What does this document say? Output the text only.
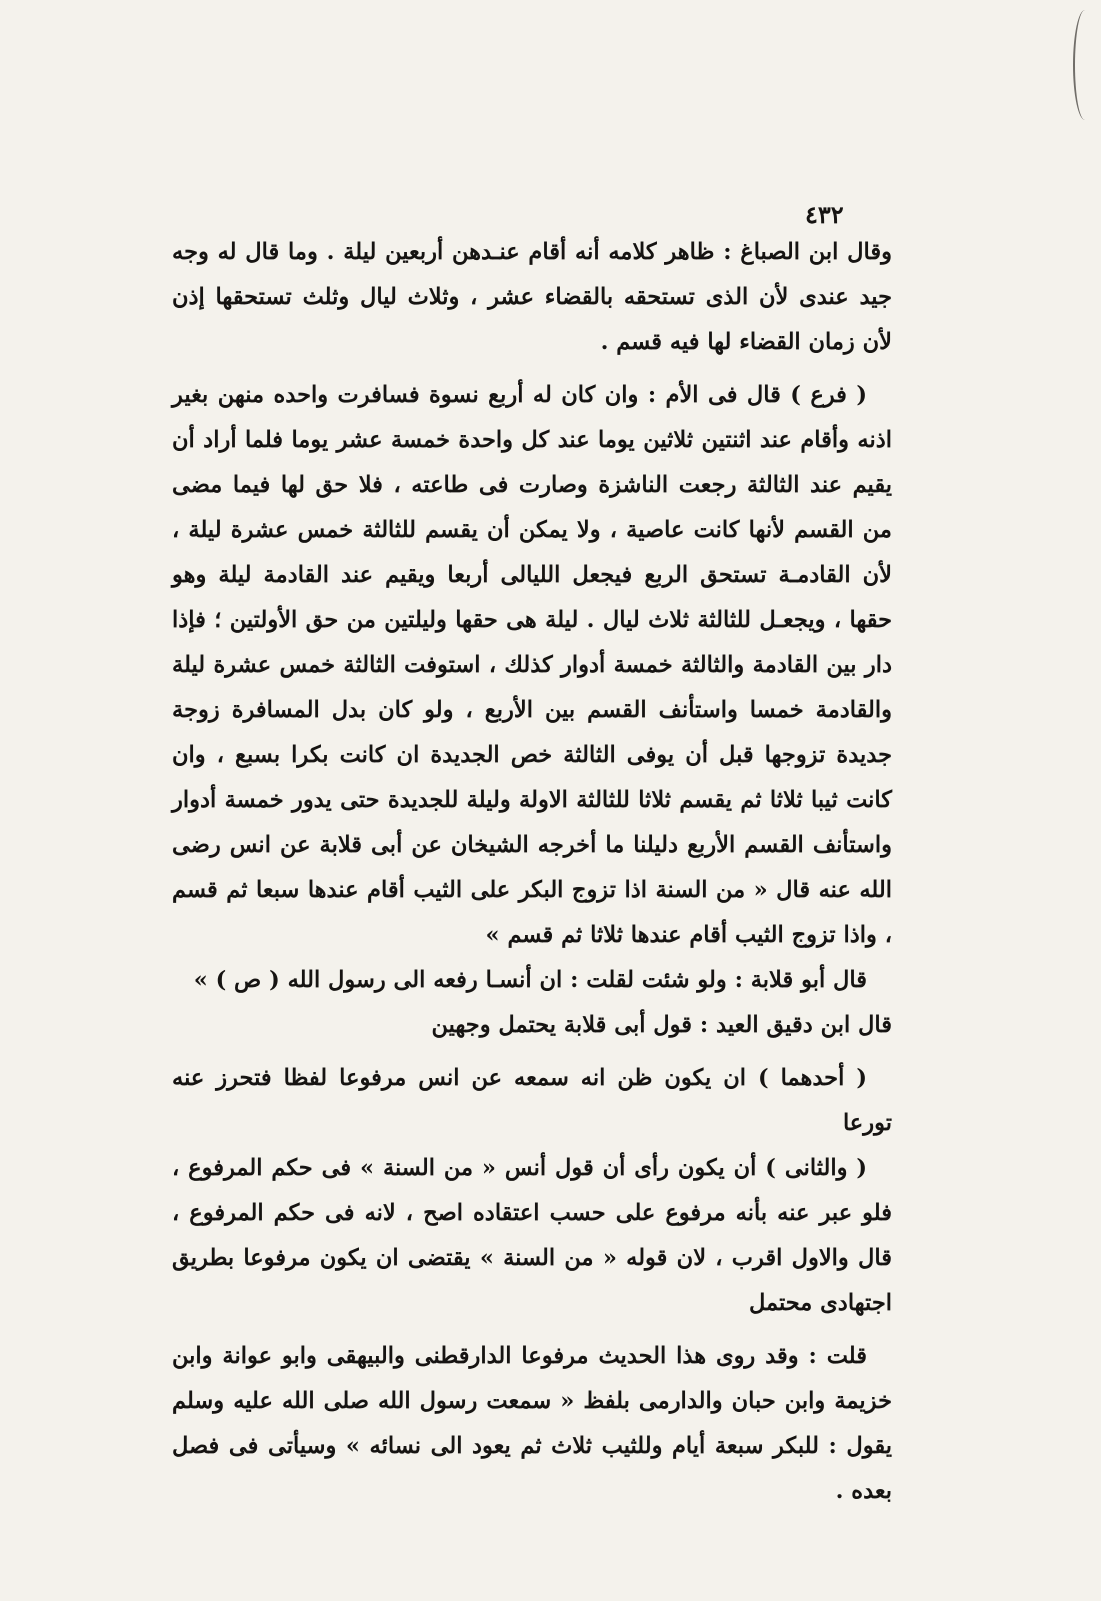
٤٣٢

وقال ابن الصباغ : ظاهر كلامه أنه أقام عنـدهن أربعين ليلة . وما قال له وجه جيد عندى لأن الذى تستحقه بالقضاء عشر ، وثلاث ليال وثلث تستحقها إذن لأن زمان القضاء لها فيه قسم .

( فرع ) قال فى الأم : وان كان له أربع نسوة فسافرت واحده منهن بغير اذنه وأقام عند اثنتين ثلاثين يوما عند كل واحدة خمسة عشر يوما فلما أراد أن يقيم عند الثالثة رجعت الناشزة وصارت فى طاعته ، فلا حق لها فيما مضى من القسم لأنها كانت عاصية ، ولا يمكن أن يقسم للثالثة خمس عشرة ليلة ، لأن القادمـة تستحق الربع فيجعل الليالى أربعا ويقيم عند القادمة ليلة وهو حقها ، ويجعـل للثالثة ثلاث ليال . ليلة هى حقها وليلتين من حق الأولتين ؛ فإذا دار بين القادمة والثالثة خمسة أدوار كذلك ، استوفت الثالثة خمس عشرة ليلة والقادمة خمسا واستأنف القسم بين الأربع ، ولو كان بدل المسافرة زوجة جديدة تزوجها قبل أن يوفى الثالثة خص الجديدة ان كانت بكرا بسبع ، وان كانت ثيبا ثلاثا ثم يقسم ثلاثا للثالثة الاولة وليلة للجديدة حتى يدور خمسة أدوار واستأنف القسم الأربع دليلنا ما أخرجه الشيخان عن أبى قلابة عن انس رضى الله عنه قال « من السنة اذا تزوج البكر على الثيب أقام عندها سبعا ثم قسم ، واذا تزوج الثيب أقام عندها ثلاثا ثم قسم »

قال أبو قلابة : ولو شئت لقلت : ان أنسـا رفعه الى رسول الله ( ص ) »

قال ابن دقيق العيد : قول أبى قلابة يحتمل وجهين

( أحدهما ) ان يكون ظن انه سمعه عن انس مرفوعا لفظا فتحرز عنه تورعا

( والثانى ) أن يكون رأى أن قول أنس « من السنة » فى حكم المرفوع ، فلو عبر عنه بأنه مرفوع على حسب اعتقاده اصح ، لانه فى حكم المرفوع ، قال والاول اقرب ، لان قوله « من السنة » يقتضى ان يكون مرفوعا بطريق اجتهادى محتمل

قلت : وقد روى هذا الحديث مرفوعا الدارقطنى والبيهقى وابو عوانة وابن خزيمة وابن حبان والدارمى بلفظ « سمعت رسول الله صلى الله عليه وسلم يقول : للبكر سبعة أيام وللثيب ثلاث ثم يعود الى نسائه » وسيأتى فى فصل بعده .
